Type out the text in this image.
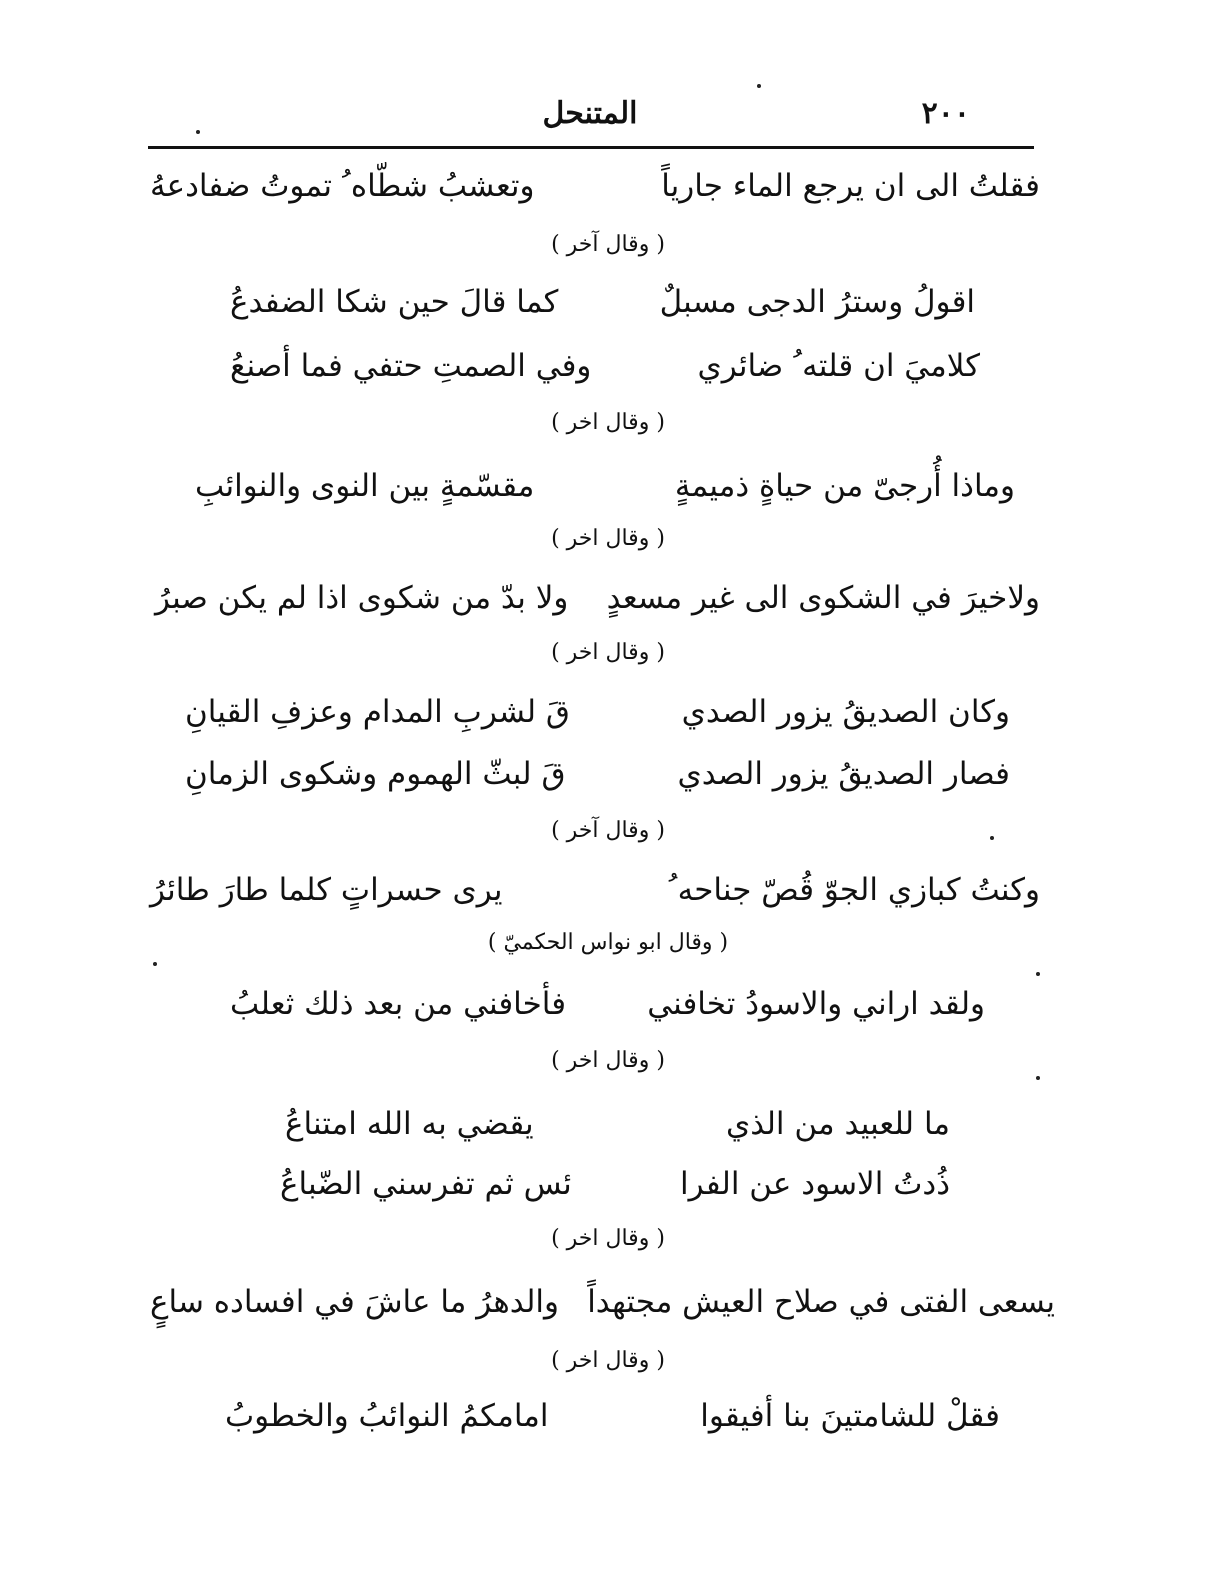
٢٠٠
المتنحل
فقلتُ الى ان يرجع الماء جارياً
وتعشبُ شطّاه ُ تموتُ ضفادعهُ
( وقال آخر )
اقولُ وسترُ الدجى مسبلٌ
كما قالَ حين شكا الضفدعُ
كلاميَ ان قلته ُ ضائري
وفي الصمتِ حتفي فما أصنعُ
( وقال اخر )
وماذا أُرجىّ من حياةٍ ذميمةٍ
مقسّمةٍ بين النوى والنوائبِ
( وقال اخر )
ولاخيرَ في الشكوى الى غير مسعدٍ
ولا بدّ من شكوى اذا لم يكن صبرُ
( وقال اخر )
وكان الصديقُ يزور الصدي
قَ لشربِ المدام وعزفِ القيانِ
فصار الصديقُ يزور الصدي
قَ لبثّ الهموم وشكوى الزمانِ
( وقال آخر )
وكنتُ كبازي الجوّ قُصّ جناحه ُ
يرى حسراتٍ كلما طارَ طائرُ
( وقال ابو نواس الحكميّ )
ولقد اراني والاسودُ تخافني
فأخافني من بعد ذلك ثعلبُ
( وقال اخر )
ما للعبيد من الذي
يقضي به الله امتناعُ
ذُدتُ الاسود عن الفرا
ئس ثم تفرسني الضّباعُ
( وقال اخر )
يسعى الفتى في صلاح العيش مجتهداً
والدهرُ ما عاشَ في افساده ساعٍ
( وقال اخر )
فقلْ للشامتينَ بنا أفيقوا
امامكمُ النوائبُ والخطوبُ
